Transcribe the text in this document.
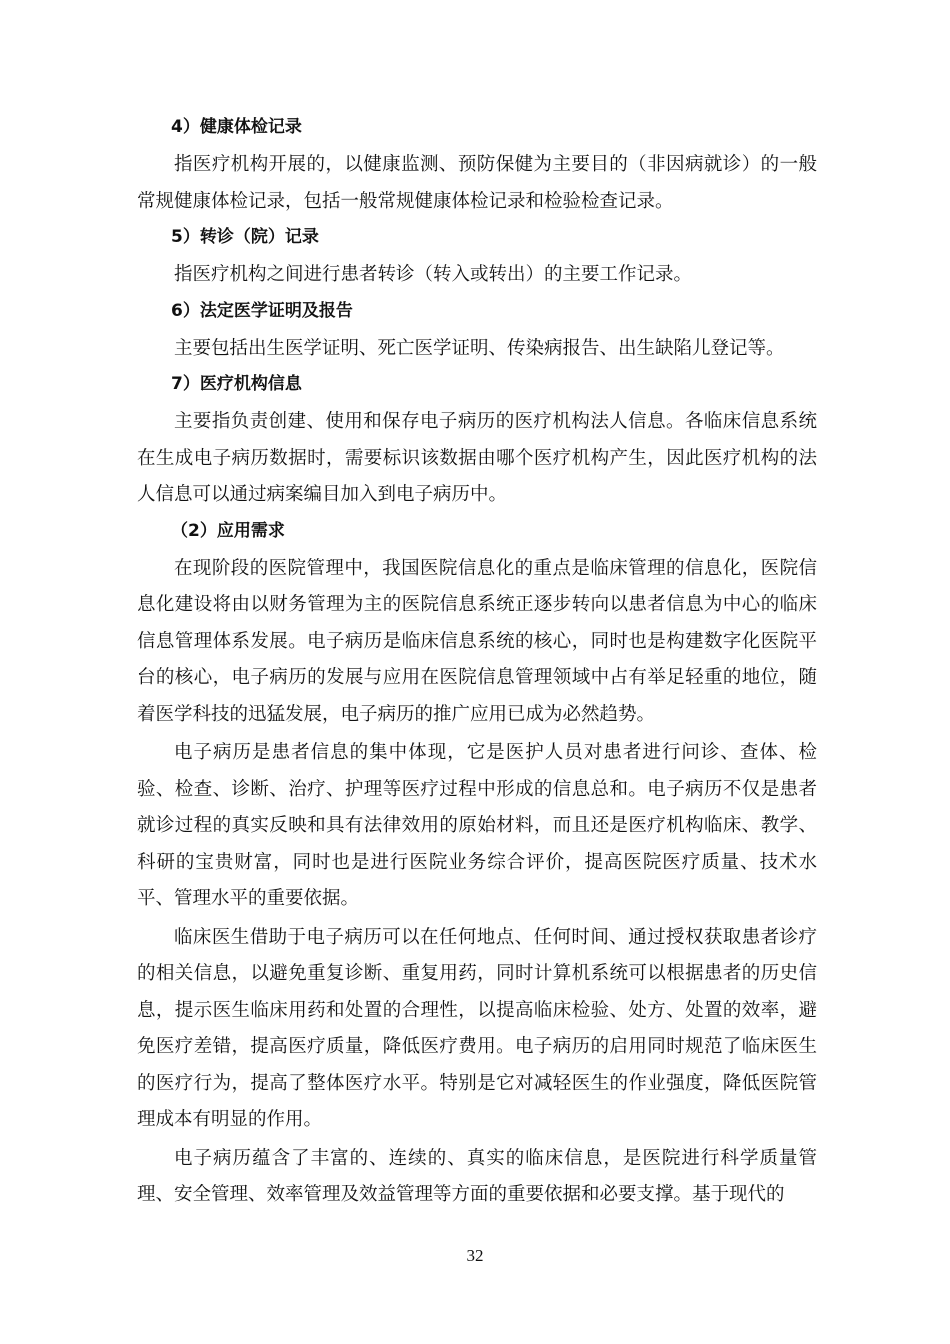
4）健康体检记录

指医疗机构开展的，以健康监测、预防保健为主要目的（非因病就诊）的一般常规健康体检记录，包括一般常规健康体检记录和检验检查记录。

5）转诊（院）记录

指医疗机构之间进行患者转诊（转入或转出）的主要工作记录。

6）法定医学证明及报告

主要包括出生医学证明、死亡医学证明、传染病报告、出生缺陷儿登记等。

7）医疗机构信息

主要指负责创建、使用和保存电子病历的医疗机构法人信息。各临床信息系统在生成电子病历数据时，需要标识该数据由哪个医疗机构产生，因此医疗机构的法人信息可以通过病案编目加入到电子病历中。

（2）应用需求

在现阶段的医院管理中，我国医院信息化的重点是临床管理的信息化，医院信息化建设将由以财务管理为主的医院信息系统正逐步转向以患者信息为中心的临床信息管理体系发展。电子病历是临床信息系统的核心，同时也是构建数字化医院平台的核心，电子病历的发展与应用在医院信息管理领域中占有举足轻重的地位，随着医学科技的迅猛发展，电子病历的推广应用已成为必然趋势。

电子病历是患者信息的集中体现，它是医护人员对患者进行问诊、查体、检验、检查、诊断、治疗、护理等医疗过程中形成的信息总和。电子病历不仅是患者就诊过程的真实反映和具有法律效用的原始材料，而且还是医疗机构临床、教学、科研的宝贵财富，同时也是进行医院业务综合评价，提高医院医疗质量、技术水平、管理水平的重要依据。

临床医生借助于电子病历可以在任何地点、任何时间、通过授权获取患者诊疗的相关信息，以避免重复诊断、重复用药，同时计算机系统可以根据患者的历史信息，提示医生临床用药和处置的合理性，以提高临床检验、处方、处置的效率，避免医疗差错，提高医疗质量，降低医疗费用。电子病历的启用同时规范了临床医生的医疗行为，提高了整体医疗水平。特别是它对减轻医生的作业强度，降低医院管理成本有明显的作用。

电子病历蕴含了丰富的、连续的、真实的临床信息，是医院进行科学质量管理、安全管理、效率管理及效益管理等方面的重要依据和必要支撑。基于现代的

32
